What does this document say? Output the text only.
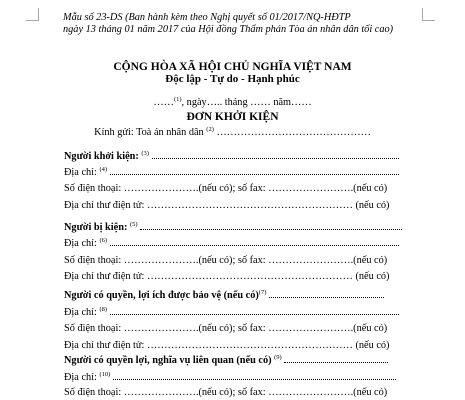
Mẫu số 23-DS (Ban hành kèm theo Nghị quyết số 01/2017/NQ-HĐTP
ngày 13 tháng 01 năm 2017 của Hội đồng Thẩm phán Tòa án nhân dân tối cao)
CỘNG HÒA XÃ HỘI CHỦ NGHĨA VIỆT NAM
Độc lập - Tự do - Hạnh phúc
……$^{(1)}$, ngày….. tháng …… năm……
ĐƠN KHỞI KIỆN
Kính gửi: Toà án nhân dân $^{(2)}$ ………………………………………
Người khởi kiện: $^{(3)}$
Địa chỉ: $^{(4)}$
Số điện thoại: ………………….(nếu có); số fax: …………………….(nếu có)
Địa chỉ thư điện tử: …………………………………………………… (nếu có)
Người bị kiện: $^{(5)}$
Địa chỉ: $^{(6)}$
Số điện thoại: ………………….(nếu có); số fax: …………………….(nếu có)
Địa chỉ thư điện tử: …………………………………………………… (nếu có)
Người có quyền, lợi ích được bảo vệ (nếu có)$^{(7)}$
Địa chỉ: $^{(8)}$
Số điện thoại: ………………….(nếu có); số fax: …………………….(nếu có)
Địa chỉ thư điện tử: …………………………………………………… (nếu có)
Người có quyền lợi, nghĩa vụ liên quan (nếu có) $^{(9)}$
Địa chỉ: $^{(10)}$
Số điện thoại: ………………….(nếu có); số fax: …………………….(nếu có)
